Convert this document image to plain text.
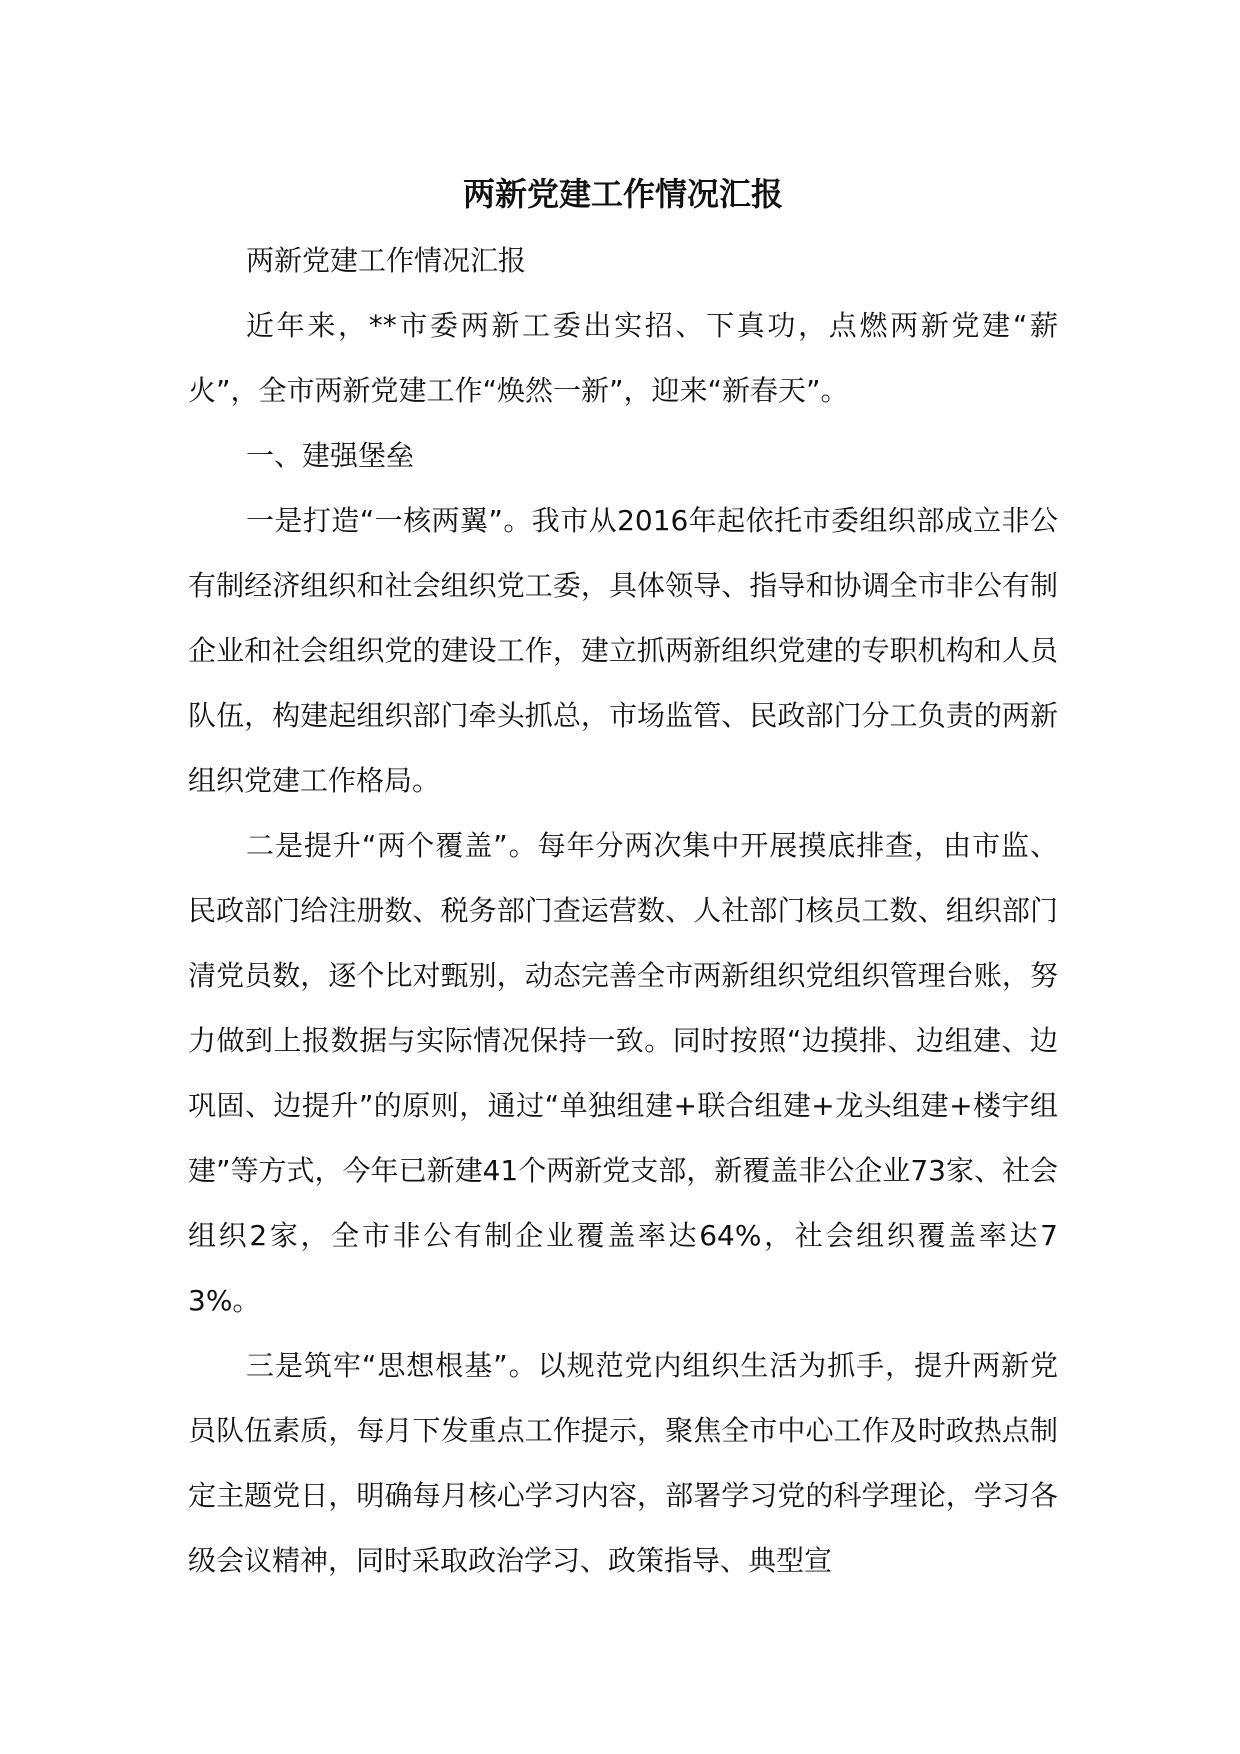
两新党建工作情况汇报

两新党建工作情况汇报

近年来，**市委两新工委出实招、下真功，点燃两新党建“薪火”，全市两新党建工作“焕然一新”，迎来“新春天”。

一、建强堡垒

一是打造“一核两翼”。我市从2016年起依托市委组织部成立非公有制经济组织和社会组织党工委，具体领导、指导和协调全市非公有制企业和社会组织党的建设工作，建立抓两新组织党建的专职机构和人员队伍，构建起组织部门牵头抓总，市场监管、民政部门分工负责的两新组织党建工作格局。

二是提升“两个覆盖”。每年分两次集中开展摸底排查，由市监、民政部门给注册数、税务部门查运营数、人社部门核员工数、组织部门清党员数，逐个比对甄别，动态完善全市两新组织党组织管理台账，努力做到上报数据与实际情况保持一致。同时按照“边摸排、边组建、边巩固、边提升”的原则，通过“单独组建+联合组建+龙头组建+楼宇组建”等方式，今年已新建41个两新党支部，新覆盖非公企业73家、社会组织2家，全市非公有制企业覆盖率达64%，社会组织覆盖率达73%。

三是筑牢“思想根基”。以规范党内组织生活为抓手，提升两新党员队伍素质，每月下发重点工作提示，聚焦全市中心工作及时政热点制定主题党日，明确每月核心学习内容，部署学习党的科学理论，学习各级会议精神，同时采取政治学习、政策指导、典型宣
